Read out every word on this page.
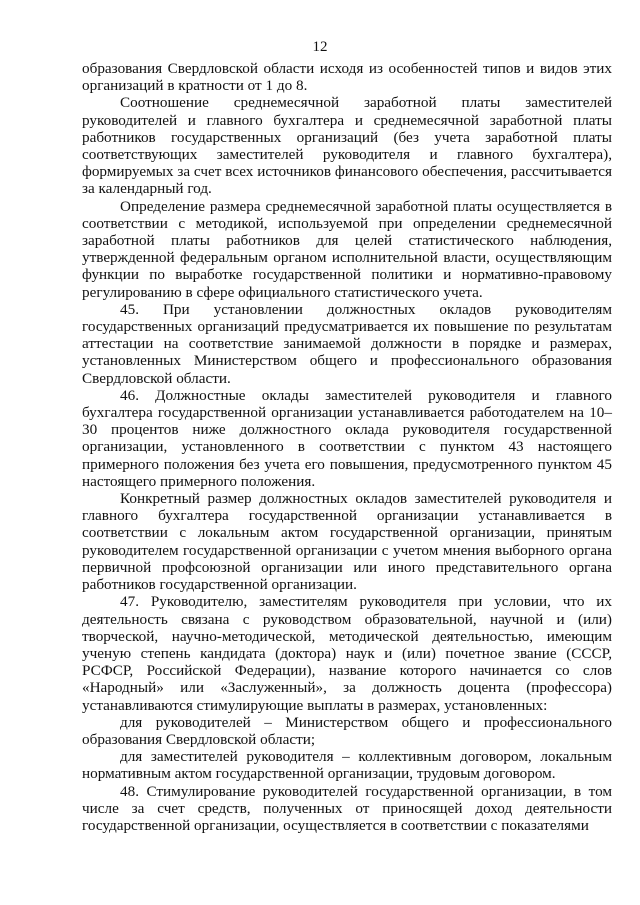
12

образования Свердловской области исходя из особенностей типов и видов этих организаций в кратности от 1 до 8.

Соотношение среднемесячной заработной платы заместителей руководителей и главного бухгалтера и среднемесячной заработной платы работников государственных организаций (без учета заработной платы соответствующих заместителей руководителя и главного бухгалтера), формируемых за счет всех источников финансового обеспечения, рассчитывается за календарный год.

Определение размера среднемесячной заработной платы осуществляется в соответствии с методикой, используемой при определении среднемесячной заработной платы работников для целей статистического наблюдения, утвержденной федеральным органом исполнительной власти, осуществляющим функции по выработке государственной политики и нормативно-правовому регулированию в сфере официального статистического учета.

45. При установлении должностных окладов руководителям государственных организаций предусматривается их повышение по результатам аттестации на соответствие занимаемой должности в порядке и размерах, установленных Министерством общего и профессионального образования Свердловской области.

46. Должностные оклады заместителей руководителя и главного бухгалтера государственной организации устанавливается работодателем на 10–30 процентов ниже должностного оклада руководителя государственной организации, установленного в соответствии с пунктом 43 настоящего примерного положения без учета его повышения, предусмотренного пунктом 45 настоящего примерного положения.

Конкретный размер должностных окладов заместителей руководителя и главного бухгалтера государственной организации устанавливается в соответствии с локальным актом государственной организации, принятым руководителем государственной организации с учетом мнения выборного органа первичной профсоюзной организации или иного представительного органа работников государственной организации.

47. Руководителю, заместителям руководителя при условии, что их деятельность связана с руководством образовательной, научной и (или) творческой, научно-методической, методической деятельностью, имеющим ученую степень кандидата (доктора) наук и (или) почетное звание (СССР, РСФСР, Российской Федерации), название которого начинается со слов «Народный» или «Заслуженный», за должность доцента (профессора) устанавливаются стимулирующие выплаты в размерах, установленных:

для руководителей – Министерством общего и профессионального образования Свердловской области;

для заместителей руководителя – коллективным договором, локальным нормативным актом государственной организации, трудовым договором.

48. Стимулирование руководителей государственной организации, в том числе за счет средств, полученных от приносящей доход деятельности государственной организации, осуществляется в соответствии с показателями
